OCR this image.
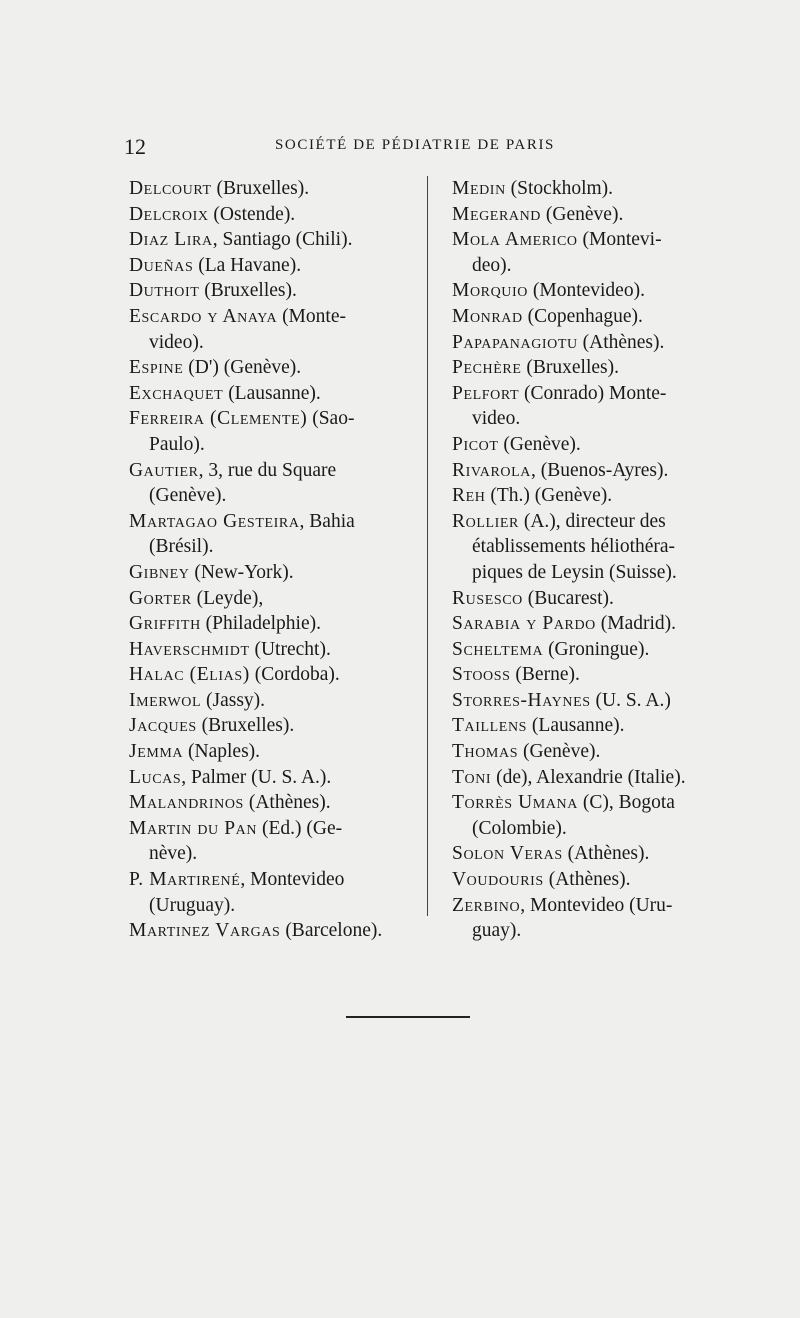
12	SOCIÉTÉ DE PÉDIATRIE DE PARIS
Delcourt (Bruxelles).
Delcroix (Ostende).
Diaz Lira, Santiago (Chili).
Dueñas (La Havane).
Duthoit (Bruxelles).
Escardo y Anaya (Monte-
video).
Espine (D') (Genève).
Exchaquet (Lausanne).
Ferreira (Clemente) (Sao-
Paulo).
Gautier, 3, rue du Square
(Genève).
Martagao Gesteira, Bahia
(Brésil).
Gibney (New-York).
Gorter (Leyde),
Griffith (Philadelphie).
Haverschmidt (Utrecht).
Halac (Elias) (Cordoba).
Imerwol (Jassy).
Jacques (Bruxelles).
Jemma (Naples).
Lucas, Palmer (U. S. A.).
Malandrinos (Athènes).
Martin du Pan (Ed.) (Ge-
nève).
P. Martirené, Montevideo
(Uruguay).
Martinez Vargas (Barcelone).
Medin (Stockholm).
Megerand (Genève).
Mola Americo (Montevi-
deo).
Morquio (Montevideo).
Monrad (Copenhague).
Papapanagiotu (Athènes).
Pechère (Bruxelles).
Pelfort (Conrado) Monte-
video.
Picot (Genève).
Rivarola, (Buenos-Ayres).
Reh (Th.) (Genève).
Rollier (A.), directeur des
établissements héliothéra-
piques de Leysin (Suisse).
Rusesco (Bucarest).
Sarabia y Pardo (Madrid).
Scheltema (Groningue).
Stooss (Berne).
Storres-Haynes (U. S. A.)
Taillens (Lausanne).
Thomas (Genève).
Toni (de), Alexandrie (Italie).
Torrès Umana (C), Bogota
(Colombie).
Solon Veras (Athènes).
Voudouris (Athènes).
Zerbino, Montevideo (Uru-
guay).
